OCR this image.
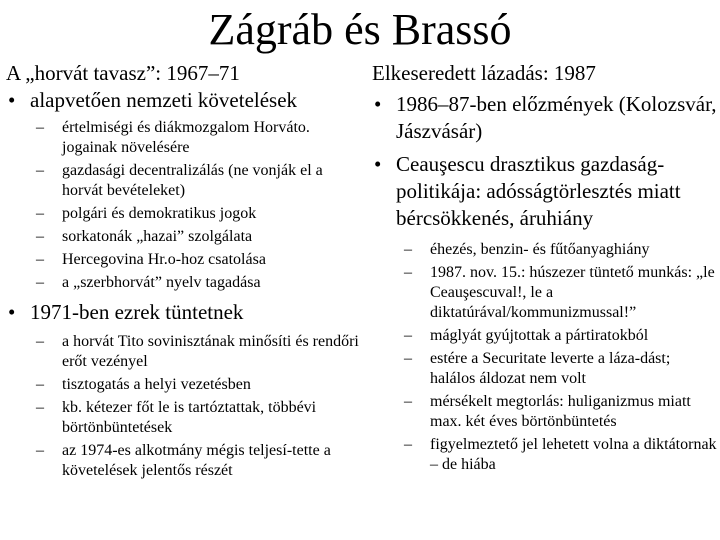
Zágráb és Brassó
A „horvát tavasz”: 1967–71
• alapvetően nemzeti követelések
– értelmiségi és diákmozgalom Horváto. jogainak növelésére
– gazdasági decentralizálás (ne vonják el a horvát bevételeket)
– polgári és demokratikus jogok
– sorkatonák „hazai” szolgálata
– Hercegovina Hr.o-hoz csatolása
– a „szerbhorvát” nyelv tagadása
• 1971-ben ezrek tüntetnek
– a horvát Tito sovinisztának minősíti és rendőri erőt vezényel
– tisztogatás a helyi vezetésben
– kb. kétezer főt le is tartóztattak, többévi börtönbüntetések
– az 1974-es alkotmány mégis teljesí-tette a követelések jelentős részét
Elkeseredett lázadás: 1987
• 1986–87-ben előzmények (Kolozsvár, Jászvásár)
• Ceauşescu drasztikus gazdaság-politikája: adósságtörlesztés miatt bércsökkenés, áruhiány
– éhezés, benzin- és fűtőanyaghiány
– 1987. nov. 15.: húszezer tüntető munkás: „le Ceauşescuval!, le a diktatúrával/kommunizmussal!”
– máglyát gyújtottak a pártiratokból
– estére a Securitate leverte a láza-dást; halálos áldozat nem volt
– mérsékelt megtorlás: huliganizmus miatt max. két éves börtönbüntetés
– figyelmeztető jel lehetett volna a diktátornak – de hiába
